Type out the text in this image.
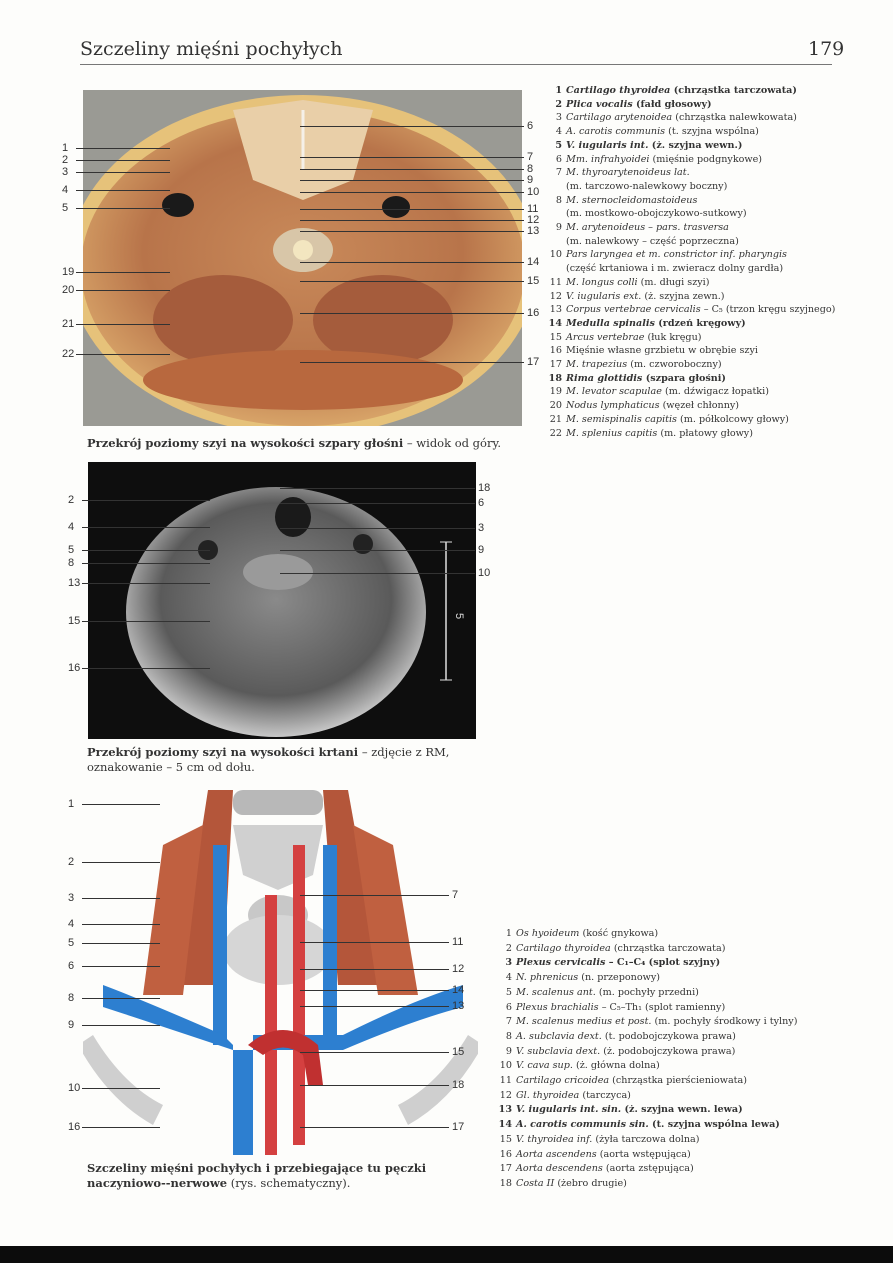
Szczeliny mięśni pochyłych	179
Przekrój poziomy szyi na wysokości szpary głośni – widok od góry.
5
Przekrój poziomy szyi na wysokości krtani – zdjęcie z RM, oznakowanie – 5 cm od dołu.
Szczeliny mięśni pochyłych i przebiegające tu pęczki naczyniowo--nerwowe (rys. schematyczny).
1 Cartilago thyroidea (chrząstka tarczowata)
2 Plica vocalis (fałd głosowy)
3 Cartilago arytenoidea (chrząstka nalewkowata)
4 A. carotis communis (t. szyjna wspólna)
5 V. iugularis int. (ż. szyjna wewn.)
6 Mm. infrahyoidei (mięśnie podgnykowe)
7 M. thyroarytenoideus lat.
(m. tarczowo-nalewkowy boczny)
8 M. sternocleidomastoideus
(m. mostkowo-obojczykowo-sutkowy)
9 M. arytenoideus – pars. trasversa
(m. nalewkowy – część poprzeczna)
10 Pars laryngea et m. constrictor inf. pharyngis
(część krtaniowa i m. zwieracz dolny gardła)
11 M. longus colli (m. długi szyi)
12 V. iugularis ext. (ż. szyjna zewn.)
13 Corpus vertebrae cervicalis – C₅ (trzon kręgu szyjnego)
14 Medulla spinalis (rdzeń kręgowy)
15 Arcus vertebrae (łuk kręgu)
16 Mięśnie własne grzbietu w obrębie szyi
17 M. trapezius (m. czworoboczny)
18 Rima glottidis (szpara głośni)
19 M. levator scapulae (m. dźwigacz łopatki)
20 Nodus lymphaticus (węzeł chłonny)
21 M. semispinalis capitis (m. półkolcowy głowy)
22 M. splenius capitis (m. płatowy głowy)
1 Os hyoideum (kość gnykowa)
2 Cartilago thyroidea (chrząstka tarczowata)
3 Plexus cervicalis – C₁–C₄ (splot szyjny)
4 N. phrenicus (n. przeponowy)
5 M. scalenus ant. (m. pochyły przedni)
6 Plexus brachialis – C₅–Th₁ (splot ramienny)
7 M. scalenus medius et post. (m. pochyły środkowy i tylny)
8 A. subclavia dext. (t. podobojczykowa prawa)
9 V. subclavia dext. (ż. podobojczykowa prawa)
10 V. cava sup. (ż. główna dolna)
11 Cartilago cricoidea (chrząstka pierścieniowata)
12 Gl. thyroidea (tarczyca)
13 V. iugularis int. sin. (ż. szyjna wewn. lewa)
14 A. carotis communis sin. (t. szyjna wspólna lewa)
15 V. thyroidea inf. (żyła tarczowa dolna)
16 Aorta ascendens (aorta wstępująca)
17 Aorta descendens (aorta zstępująca)
18 Costa II (żebro drugie)
1
2
3
4
5
19
20
21
22
6
7
8
9
10
11
12
13
14
15
16
17
2
4
5
8
13
15
16
18
6
3
9
10
1
2
3
4
5
6
8
9
10
16
7
11
12
14
13
15
18
17
